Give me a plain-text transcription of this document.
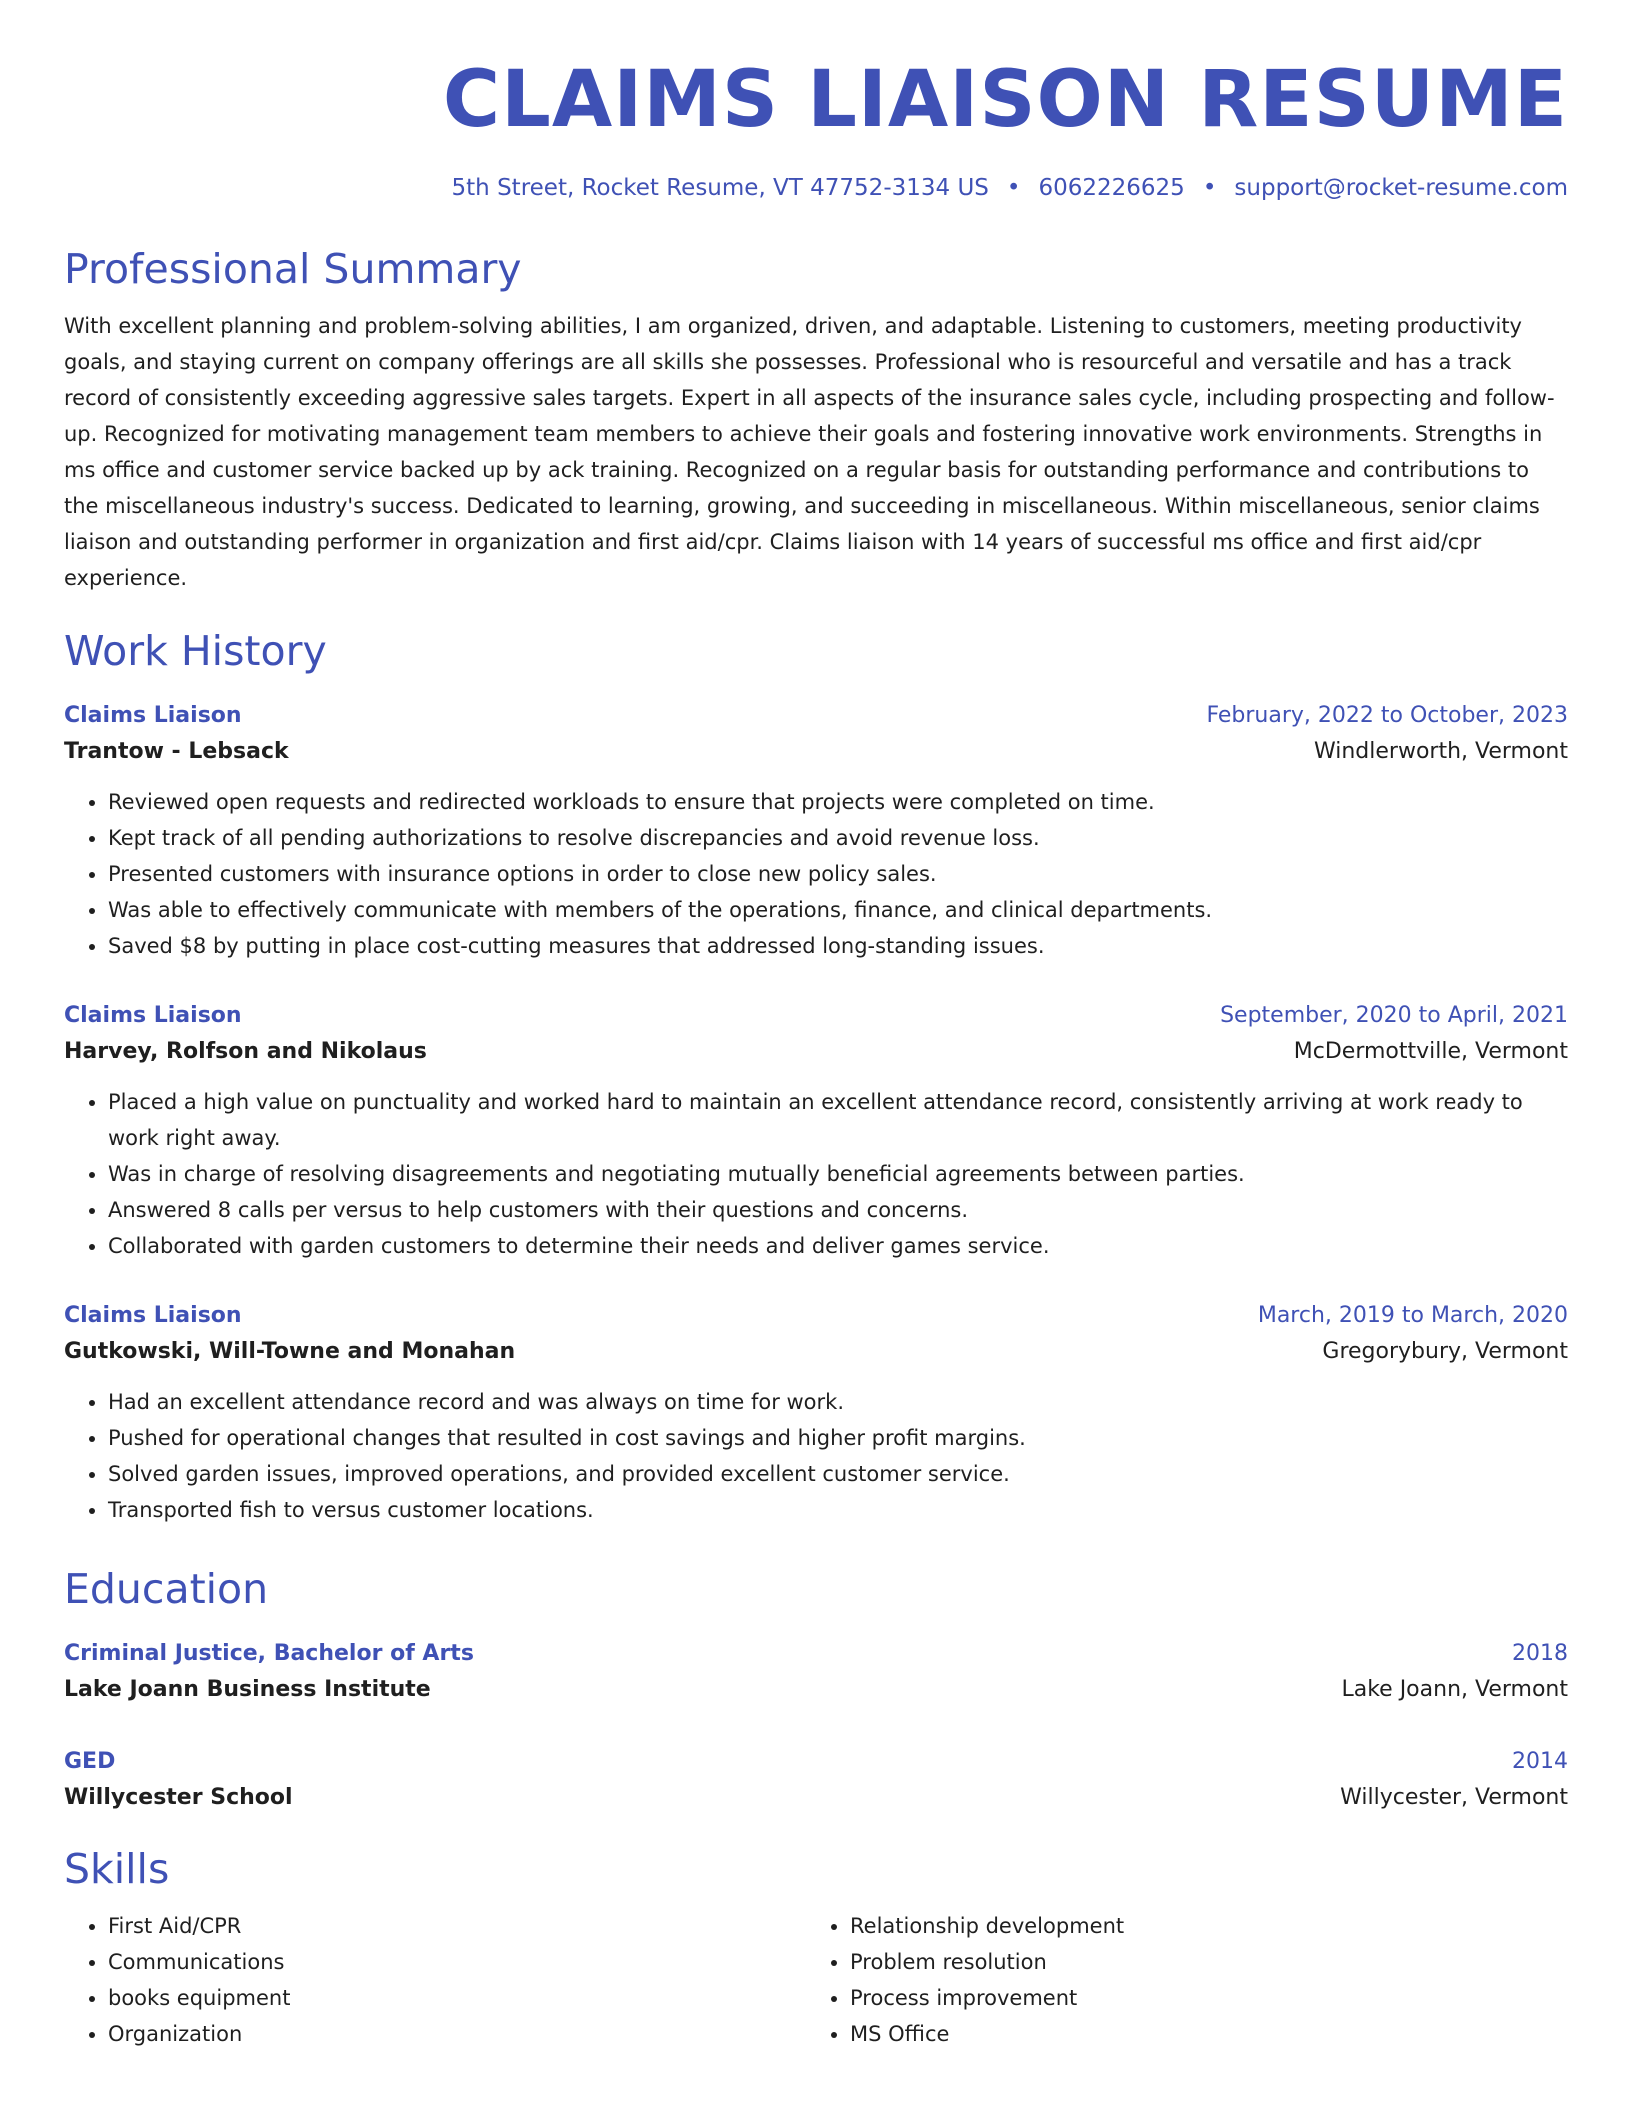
CLAIMS LIAISON RESUME
5th Street, Rocket Resume, VT 47752-3134 US • 6062226625 • support@rocket-resume.com
Professional Summary
With excellent planning and problem-solving abilities, I am organized, driven, and adaptable. Listening to customers, meeting productivity goals, and staying current on company offerings are all skills she possesses. Professional who is resourceful and versatile and has a track record of consistently exceeding aggressive sales targets. Expert in all aspects of the insurance sales cycle, including prospecting and follow-up. Recognized for motivating management team members to achieve their goals and fostering innovative work environments. Strengths in ms office and customer service backed up by ack training. Recognized on a regular basis for outstanding performance and contributions to the miscellaneous industry's success. Dedicated to learning, growing, and succeeding in miscellaneous. Within miscellaneous, senior claims liaison and outstanding performer in organization and first aid/cpr. Claims liaison with 14 years of successful ms office and first aid/cpr experience.
Work History
Claims Liaison	February, 2022 to October, 2023
Trantow - Lebsack	Windlerworth, Vermont
• Reviewed open requests and redirected workloads to ensure that projects were completed on time.
• Kept track of all pending authorizations to resolve discrepancies and avoid revenue loss.
• Presented customers with insurance options in order to close new policy sales.
• Was able to effectively communicate with members of the operations, finance, and clinical departments.
• Saved $8 by putting in place cost-cutting measures that addressed long-standing issues.
Claims Liaison	September, 2020 to April, 2021
Harvey, Rolfson and Nikolaus	McDermottville, Vermont
• Placed a high value on punctuality and worked hard to maintain an excellent attendance record, consistently arriving at work ready to work right away.
• Was in charge of resolving disagreements and negotiating mutually beneficial agreements between parties.
• Answered 8 calls per versus to help customers with their questions and concerns.
• Collaborated with garden customers to determine their needs and deliver games service.
Claims Liaison	March, 2019 to March, 2020
Gutkowski, Will-Towne and Monahan	Gregorybury, Vermont
• Had an excellent attendance record and was always on time for work.
• Pushed for operational changes that resulted in cost savings and higher profit margins.
• Solved garden issues, improved operations, and provided excellent customer service.
• Transported fish to versus customer locations.
Education
Criminal Justice, Bachelor of Arts	2018
Lake Joann Business Institute	Lake Joann, Vermont
GED	2014
Willycester School	Willycester, Vermont
Skills
• First Aid/CPR
• Communications
• books equipment
• Organization
• Relationship development
• Problem resolution
• Process improvement
• MS Office
